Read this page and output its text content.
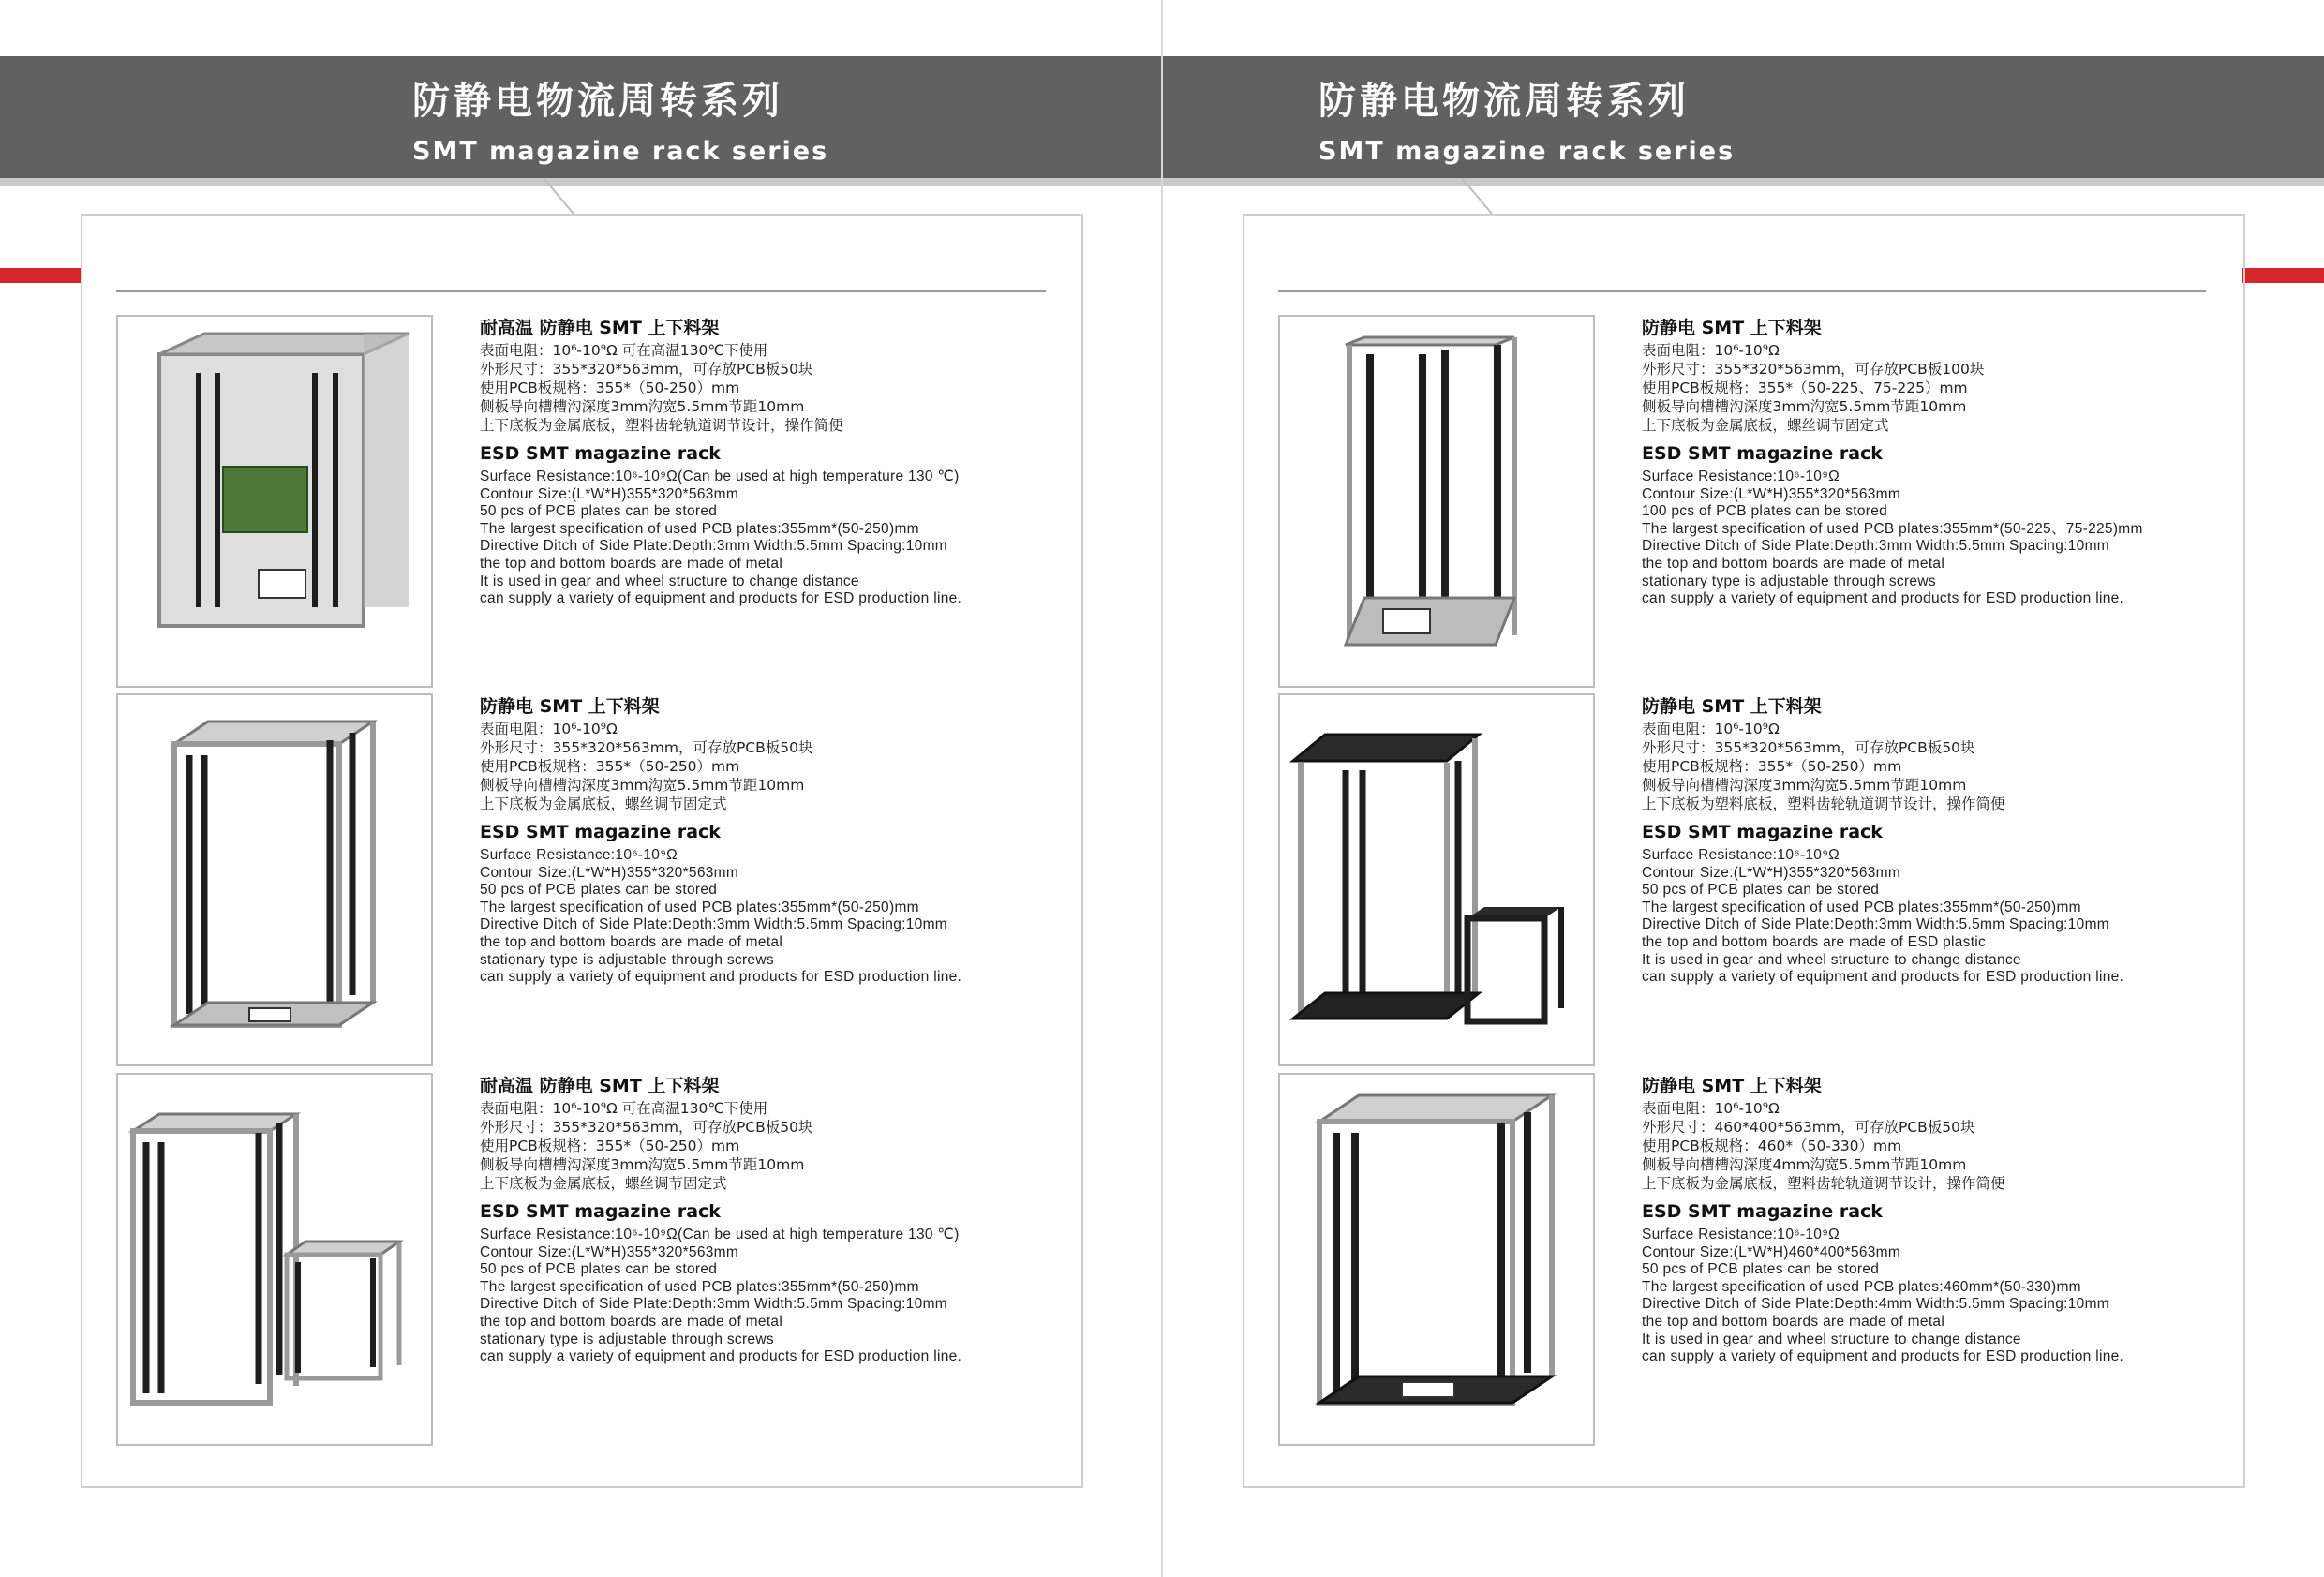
防静电物流周转系列
SMT magazine rack series
防静电物流周转系列
SMT magazine rack series
耐高温 防静电 SMT 上下料架
表面电阻：10⁶-10⁹Ω 可在高温130℃下使用
外形尺寸：355*320*563mm，可存放PCB板50块
使用PCB板规格：355*（50-250）mm
侧板导向槽槽沟深度3mm沟宽5.5mm节距10mm
上下底板为金属底板，塑料齿轮轨道调节设计，操作简便
ESD SMT magazine rack
Surface Resistance:10⁶-10⁹Ω(Can be used at high temperature 130 ℃)
Contour Size:(L*W*H)355*320*563mm
50 pcs of PCB plates can be stored
The largest specification of used PCB plates:355mm*(50-250)mm
Directive Ditch of Side Plate:Depth:3mm Width:5.5mm Spacing:10mm
the top and bottom boards are made of metal
It is used in gear and wheel structure to change distance
can supply a variety of equipment and products for ESD production line.
防静电 SMT 上下料架
表面电阻：10⁶-10⁹Ω
外形尺寸：355*320*563mm，可存放PCB板50块
使用PCB板规格：355*（50-250）mm
侧板导向槽槽沟深度3mm沟宽5.5mm节距10mm
上下底板为金属底板，螺丝调节固定式
ESD SMT magazine rack
Surface Resistance:10⁶-10⁹Ω
Contour Size:(L*W*H)355*320*563mm
50 pcs of PCB plates can be stored
The largest specification of used PCB plates:355mm*(50-250)mm
Directive Ditch of Side Plate:Depth:3mm Width:5.5mm Spacing:10mm
the top and bottom boards are made of metal
stationary type is adjustable through screws
can supply a variety of equipment and products for ESD production line.
耐高温 防静电 SMT 上下料架
表面电阻：10⁶-10⁹Ω 可在高温130℃下使用
外形尺寸：355*320*563mm，可存放PCB板50块
使用PCB板规格：355*（50-250）mm
侧板导向槽槽沟深度3mm沟宽5.5mm节距10mm
上下底板为金属底板，螺丝调节固定式
ESD SMT magazine rack
Surface Resistance:10⁶-10⁹Ω(Can be used at high temperature 130 ℃)
Contour Size:(L*W*H)355*320*563mm
50 pcs of PCB plates can be stored
The largest specification of used PCB plates:355mm*(50-250)mm
Directive Ditch of Side Plate:Depth:3mm Width:5.5mm Spacing:10mm
the top and bottom boards are made of metal
stationary type is adjustable through screws
can supply a variety of equipment and products for ESD production line.
防静电 SMT 上下料架
表面电阻：10⁶-10⁹Ω
外形尺寸：355*320*563mm，可存放PCB板100块
使用PCB板规格：355*（50-225、75-225）mm
侧板导向槽槽沟深度3mm沟宽5.5mm节距10mm
上下底板为金属底板，螺丝调节固定式
ESD SMT magazine rack
Surface Resistance:10⁶-10⁹Ω
Contour Size:(L*W*H)355*320*563mm
100 pcs of PCB plates can be stored
The largest specification of used PCB plates:355mm*(50-225、75-225)mm
Directive Ditch of Side Plate:Depth:3mm Width:5.5mm Spacing:10mm
the top and bottom boards are made of metal
stationary type is adjustable through screws
can supply a variety of equipment and products for ESD production line.
防静电 SMT 上下料架
表面电阻：10⁶-10⁹Ω
外形尺寸：355*320*563mm，可存放PCB板50块
使用PCB板规格：355*（50-250）mm
侧板导向槽槽沟深度3mm沟宽5.5mm节距10mm
上下底板为塑料底板，塑料齿轮轨道调节设计，操作简便
ESD SMT magazine rack
Surface Resistance:10⁶-10⁹Ω
Contour Size:(L*W*H)355*320*563mm
50 pcs of PCB plates can be stored
The largest specification of used PCB plates:355mm*(50-250)mm
Directive Ditch of Side Plate:Depth:3mm Width:5.5mm Spacing:10mm
the top and bottom boards are made of ESD plastic
It is used in gear and wheel structure to change distance
can supply a variety of equipment and products for ESD production line.
防静电 SMT 上下料架
表面电阻：10⁶-10⁹Ω
外形尺寸：460*400*563mm，可存放PCB板50块
使用PCB板规格：460*（50-330）mm
侧板导向槽槽沟深度4mm沟宽5.5mm节距10mm
上下底板为金属底板，塑料齿轮轨道调节设计，操作简便
ESD SMT magazine rack
Surface Resistance:10⁶-10⁹Ω
Contour Size:(L*W*H)460*400*563mm
50 pcs of PCB plates can be stored
The largest specification of used PCB plates:460mm*(50-330)mm
Directive Ditch of Side Plate:Depth:4mm Width:5.5mm Spacing:10mm
the top and bottom boards are made of metal
It is used in gear and wheel structure to change distance
can supply a variety of equipment and products for ESD production line.
